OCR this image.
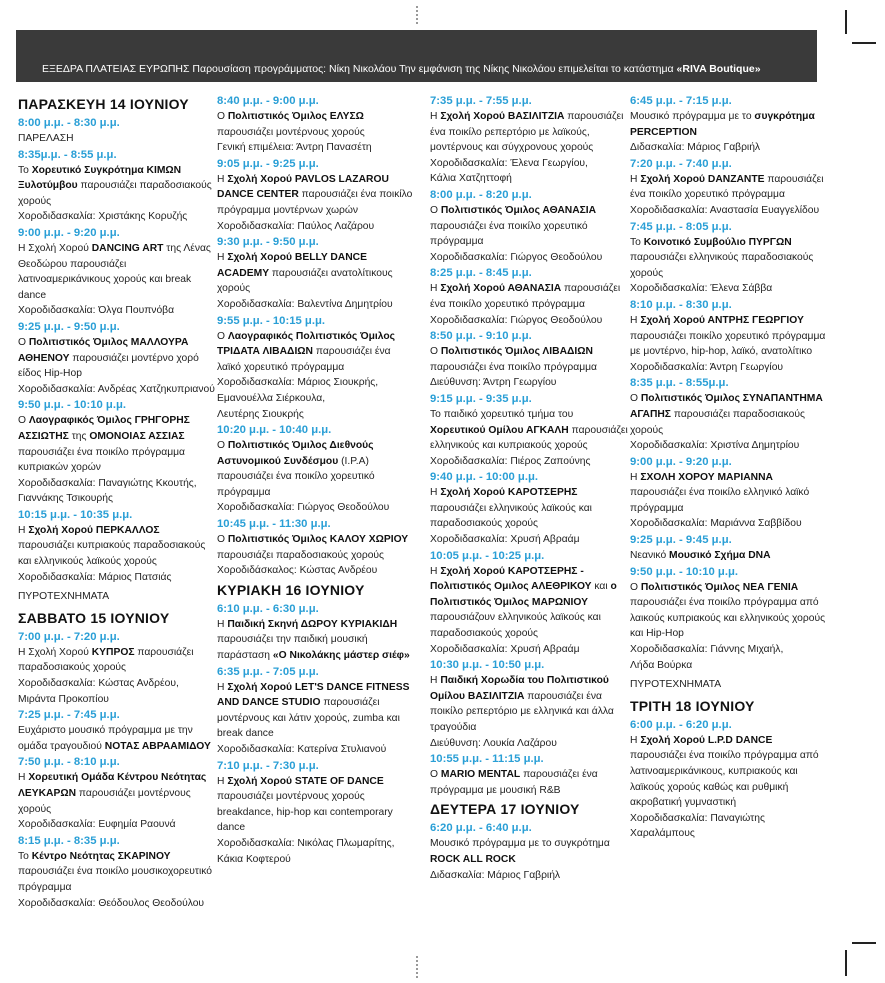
ΕΞΕΔΡΑ ΠΛΑΤΕΙΑΣ ΕΥΡΩΠΗΣ Παρουσίαση προγράμματος: Νίκη Νικολάου Την εμφάνιση της Νίκης Νικολάου επιμελείται το κατάστημα «RIVA Boutique»
ΠΑΡΑΣΚΕΥΗ 14 ΙΟΥΝΙΟΥ
8:00 μ.μ. - 8:30 μ.μ.

ΠΑΡΕΛΑΣΗ

8:35μ.μ. - 8:55 μ.μ.

Το Χορευτικό Συγκρότημα ΚΙΜΩΝ Ξυλοτύμβου παρουσιάζει παραδοσιακούς χορούς

Χοροδιδασκαλία: Χριστάκης Κορυζής

9:00 μ.μ. - 9:20 μ.μ.

Η Σχολή Χορού DANCING ART της Λένας Θεοδώρου παρουσιάζει λατινοαμερικάνικους χορούς και break dance

Χοροδιδασκαλία: Όλγα Πουπνόβα

9:25 μ.μ. - 9:50 μ.μ.

Ο Πολιτιστικός Όμιλος ΜΑΛΛΟΥΡΑ ΑΘΗΕΝΟΥ παρουσιάζει μοντέρνο χορό είδος Hip-Hop

Χοροδιδασκαλία: Ανδρέας Χατζηκυπριανού

9:50 μ.μ. - 10:10 μ.μ.

Ο Λαογραφικός Όμιλος ΓΡΗΓΟΡΗΣ ΑΣΣΙΩΤΗΣ της ΟΜΟΝΟΙΑΣ ΑΣΣΙΑΣ παρουσιάζει ένα ποικίλο πρόγραμμα κυπριακών χορών

Χοροδιδασκαλία: Παναγιώτης Κκουτής,

Γιαννάκης Τσικουρής

10:15 μ.μ. - 10:35 μ.μ.

Η Σχολή Χορού ΠΕΡΚΑΛΛΟΣ παρουσιάζει κυπριακούς παραδοσιακούς και ελληνικούς λαϊκούς χορούς

Χοροδιδασκαλία: Μάριος Πατσιάς

ΠΥΡΟΤΕΧΝΗΜΑΤΑ
ΣΑΒΒΑΤΟ 15 ΙΟΥΝΙΟΥ
7:00 μ.μ. - 7:20 μ.μ.

Η Σχολή Χορού ΚΥΠΡΟΣ παρουσιάζει παραδοσιακούς χορούς

Χοροδιδασκαλία: Κώστας Ανδρέου,

Μιράντα Προκοπίου

7:25 μ.μ. - 7:45 μ.μ.

Ευχάριστο μουσικό πρόγραμμα με την ομάδα τραγουδιού ΝΟΤΑΣ ΑΒΡΑΑΜΙΔΟΥ

7:50 μ.μ. - 8:10 μ.μ.

Η Χορευτική Ομάδα Κέντρου Νεότητας ΛΕΥΚΑΡΩΝ παρουσιάζει μοντέρνους χορούς

Χοροδιδασκαλία: Ευφημία Ραουνά

8:15 μ.μ. - 8:35 μ.μ.

Το Κέντρο Νεότητας ΣΚΑΡΙΝΟΥ παρουσιάζει ένα ποικίλο μουσικοχορευτικό πρόγραμμα

Χοροδιδασκαλία: Θεόδουλος Θεοδούλου

8:40 μ.μ. - 9:00 μ.μ.

Ο Πολιτιστικός Όμιλος ΕΛΥΣΩ παρουσιάζει μοντέρνους χορούς

Γενική επιμέλεια: Άντρη Πανασέτη

9:05 μ.μ. - 9:25 μ.μ.

Η Σχολή Χορού PAVLOS LAZAROU DANCE CENTER παρουσιάζει ένα ποικίλο πρόγραμμα μοντέρνων χωρών

Χοροδιδασκαλία: Παύλος Λαζάρου

9:30 μ.μ. - 9:50 μ.μ.

Η Σχολή Χορού BELLY DANCE ACADEMY παρουσιάζει ανατολίτικους χορούς

Χοροδιδασκαλία: Βαλεντίνα Δημητρίου

9:55 μ.μ. - 10:15 μ.μ.

Ο Λαογραφικός Πολιτιστικός Όμιλος ΤΡΙΔΑΤΑ ΛΙΒΑΔΙΩΝ παρουσιάζει ένα λαϊκό χορευτικό πρόγραμμα

Χοροδιδασκαλία: Μάριος Σιουκρής,

Εμανουέλλα Σιέρκουλα,

Λευτέρης Σιουκρής

10:20 μ.μ. - 10:40 μ.μ.

Ο Πολιτιστικός Όμιλος Διεθνούς Αστυνομικού Συνδέσμου (I.P.A) παρουσιάζει ένα ποικίλο χορευτικό πρόγραμμα

Χοροδιδασκαλία: Γιώργος Θεοδούλου

10:45 μ.μ. - 11:30 μ.μ.

Ο Πολιτιστικός Όμιλος ΚΑΛΟΥ ΧΩΡΙΟΥ παρουσιάζει παραδοσιακούς χορούς

Χοροδιδάσκαλος: Κώστας Ανδρέου

ΚΥΡΙΑΚΗ 16 ΙΟΥΝΙΟΥ
6:10 μ.μ. - 6:30 μ.μ.

Η Παιδική Σκηνή ΔΩΡΟΥ ΚΥΡΙΑΚΙΔΗ παρουσιάζει την παιδική μουσική παράσταση «Ο Νικολάκης μάστερ σιέφ»

6:35 μ.μ. - 7:05 μ.μ.

Η Σχολή Χορού LET'S DANCE FITNESS AND DANCE STUDIO παρουσιάζει μοντέρνους και λάτιν χορούς, zumba και break dance

Χοροδιδασκαλία: Κατερίνα Στυλιανού

7:10 μ.μ. - 7:30 μ.μ.

Η Σχολή Χορού STATE OF DANCE παρουσιάζει μοντέρνους χορούς breakdance, hip-hop και contemporary dance

Χοροδιδασκαλία: Νικόλας Πλωμαρίτης,

Κάκια Κοφτερού

7:35 μ.μ. - 7:55 μ.μ.

Η Σχολή Χορού ΒΑΣΙΛΙΤΖΙΑ παρουσιάζει ένα ποικίλο ρεπερτόριο με λαϊκούς, μοντέρνους και σύγχρονους χορούς

Χοροδιδασκαλία: Έλενα Γεωργίου,

Κάλια Χατζηττοφή

8:00 μ.μ. - 8:20 μ.μ.

Ο Πολιτιστικός Όμιλος ΑΘΑΝΑΣΙΑ παρουσιάζει ένα ποικίλο χορευτικό πρόγραμμα

Χοροδιδασκαλία: Γιώργος Θεοδούλου

8:25 μ.μ. - 8:45 μ.μ.

Η Σχολή Χορού ΑΘΑΝΑΣΙΑ παρουσιάζει ένα ποικίλο χορευτικό πρόγραμμα

Χοροδιδασκαλία: Γιώργος Θεοδούλου

8:50 μ.μ. - 9:10 μ.μ.

Ο Πολιτιστικός Όμιλος ΛΙΒΑΔΙΩΝ παρουσιάζει ένα ποικίλο πρόγραμμα

Διεύθυνση: Άντρη Γεωργίου

9:15 μ.μ. - 9:35 μ.μ.

Το παιδικό χορευτικό τμήμα του Χορευτικού Ομίλου ΑΓΚΑΛΗ παρουσιάζει ελληνικούς και κυπριακούς χορούς

Χοροδιδασκαλία: Πιέρος Ζαπούνης

9:40 μ.μ. - 10:00 μ.μ.

Η Σχολή Χορού ΚΑΡΟΤΣΕΡΗΣ παρουσιάζει ελληνικούς λαϊκούς και παραδοσιακούς χορούς

Χοροδιδασκαλία: Χρυσή Αβραάμ

10:05 μ.μ. - 10:25 μ.μ.

Η Σχολή Χορού ΚΑΡΟΤΣΕΡΗΣ - Πολιτιστικός Ομιλος ΑΛΕΘΡΙΚΟΥ και ο Πολιτιστικός Όμιλος ΜΑΡΩΝΙΟΥ παρουσιάζουν ελληνικούς λαϊκούς και παραδοσιακούς χορούς

Χοροδιδασκαλία: Χρυσή Αβραάμ

10:30 μ.μ. - 10:50 μ.μ.

Η Παιδική Χορωδία του Πολιτιστικού Ομίλου ΒΑΣΙΛΙΤΖΙΑ παρουσιάζει ένα ποικίλο ρεπερτόριο με ελληνικά και άλλα τραγούδια

Διεύθυνση: Λουκία Λαζάρου

10:55 μ.μ. - 11:15 μ.μ.

O MARIO MENTAL παρουσιάζει ένα πρόγραμμα με μουσική R&B

ΔΕΥΤΕΡΑ 17 ΙΟΥΝΙΟΥ
6:20 μ.μ. - 6:40 μ.μ.

Μουσικό πρόγραμμα με το συγκρότημα ROCK ALL ROCK

Διδασκαλία: Μάριος Γαβριήλ

6:45 μ.μ. - 7:15 μ.μ.

Μουσικό πρόγραμμα με το συγκρότημα PERCEPTION

Διδασκαλία: Μάριος Γαβριήλ

7:20 μ.μ. - 7:40 μ.μ.

Η Σχολή Χορού DANZANTE παρουσιάζει ένα ποικίλο χορευτικό πρόγραμμα

Χοροδιδασκαλία: Αναστασία Ευαγγελίδου

7:45 μ.μ. - 8:05 μ.μ.

Το Κοινοτικό Συμβούλιο ΠΥΡΓΩΝ παρουσιάζει ελληνικούς παραδοσιακούς χορούς

Χοροδιδασκαλία: Έλενα Σάββα

8:10 μ.μ. - 8:30 μ.μ.

Η Σχολή Χορού ΑΝΤΡΗΣ ΓΕΩΡΓΙΟΥ παρουσιάζει ποικίλο χορευτικό πρόγραμμα με μοντέρνο, hip-hop, λαϊκό, ανατολίτικο

Χοροδιδασκαλία: Άντρη Γεωργίου

8:35 μ.μ. - 8:55μ.μ.

Ο Πολιτιστικός Όμιλος ΣΥΝΑΠΑΝΤΗΜΑ ΑΓΑΠΗΣ παρουσιάζει παραδοσιακούς χορούς

Χοροδιδασκαλία: Χριστίνα Δημητρίου

9:00 μ.μ. - 9:20 μ.μ.

Η ΣΧΟΛΗ ΧΟΡΟΥ ΜΑΡΙΑΝΝΑ παρουσιάζει ένα ποικίλο ελληνικό λαϊκό πρόγραμμα

Χοροδιδασκαλία: Μαριάννα Σαββίδου

9:25 μ.μ. - 9:45 μ.μ.

Νεανικό Μουσικό Σχήμα DNA

9:50 μ.μ. - 10:10 μ.μ.

Ο Πολιτιστικός Όμιλος ΝΕΑ ΓΕΝΙΑ παρουσιάζει ένα ποικίλο πρόγραμμα από λαικούς κυπριακούς και ελληνικούς χορούς και Hip-Hop

Χοροδιδασκαλία: Γιάννης Μιχαήλ,

Λήδα Βούρκα

ΠΥΡΟΤΕΧΝΗΜΑΤΑ
ΤΡΙΤΗ 18 ΙΟΥΝΙΟΥ
6:00 μ.μ. - 6:20 μ.μ.

Η Σχολή Χορού L.P.D DANCE παρουσιάζει ένα ποικίλο πρόγραμμα από λατινοαμερικάνικους, κυπριακούς και λαϊκούς χορούς καθώς και ρυθμική ακροβατική γυμναστική

Χοροδιδασκαλία: Παναγιώτης Χαραλάμπους
